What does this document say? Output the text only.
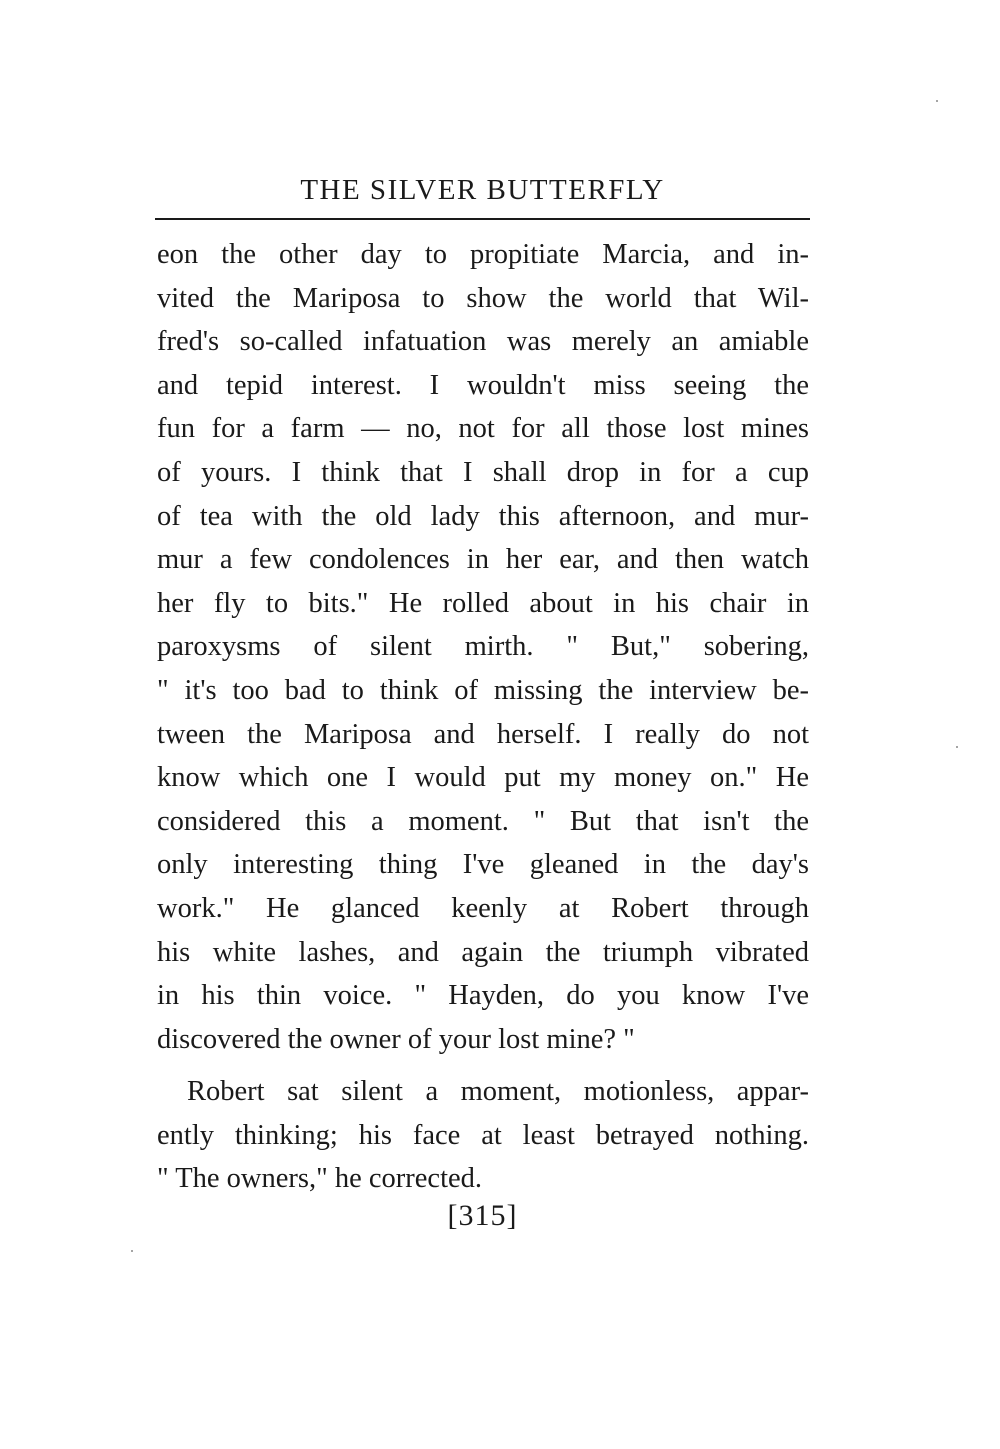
THE SILVER BUTTERFLY
eon the other day to propitiate Marcia, and in-
vited the Mariposa to show the world that Wil-
fred's so-called infatuation was merely an amiable
and tepid interest. I wouldn't miss seeing the
fun for a farm — no, not for all those lost mines
of yours. I think that I shall drop in for a cup
of tea with the old lady this afternoon, and mur-
mur a few condolences in her ear, and then watch
her fly to bits." He rolled about in his chair in
paroxysms of silent mirth. " But," sobering,
" it's too bad to think of missing the interview be-
tween the Mariposa and herself. I really do not
know which one I would put my money on." He
considered this a moment. " But that isn't the
only interesting thing I've gleaned in the day's
work." He glanced keenly at Robert through
his white lashes, and again the triumph vibrated
in his thin voice. " Hayden, do you know I've
discovered the owner of your lost mine? "
Robert sat silent a moment, motionless, appar-
ently thinking; his face at least betrayed nothing.
" The owners," he corrected.
[315]
